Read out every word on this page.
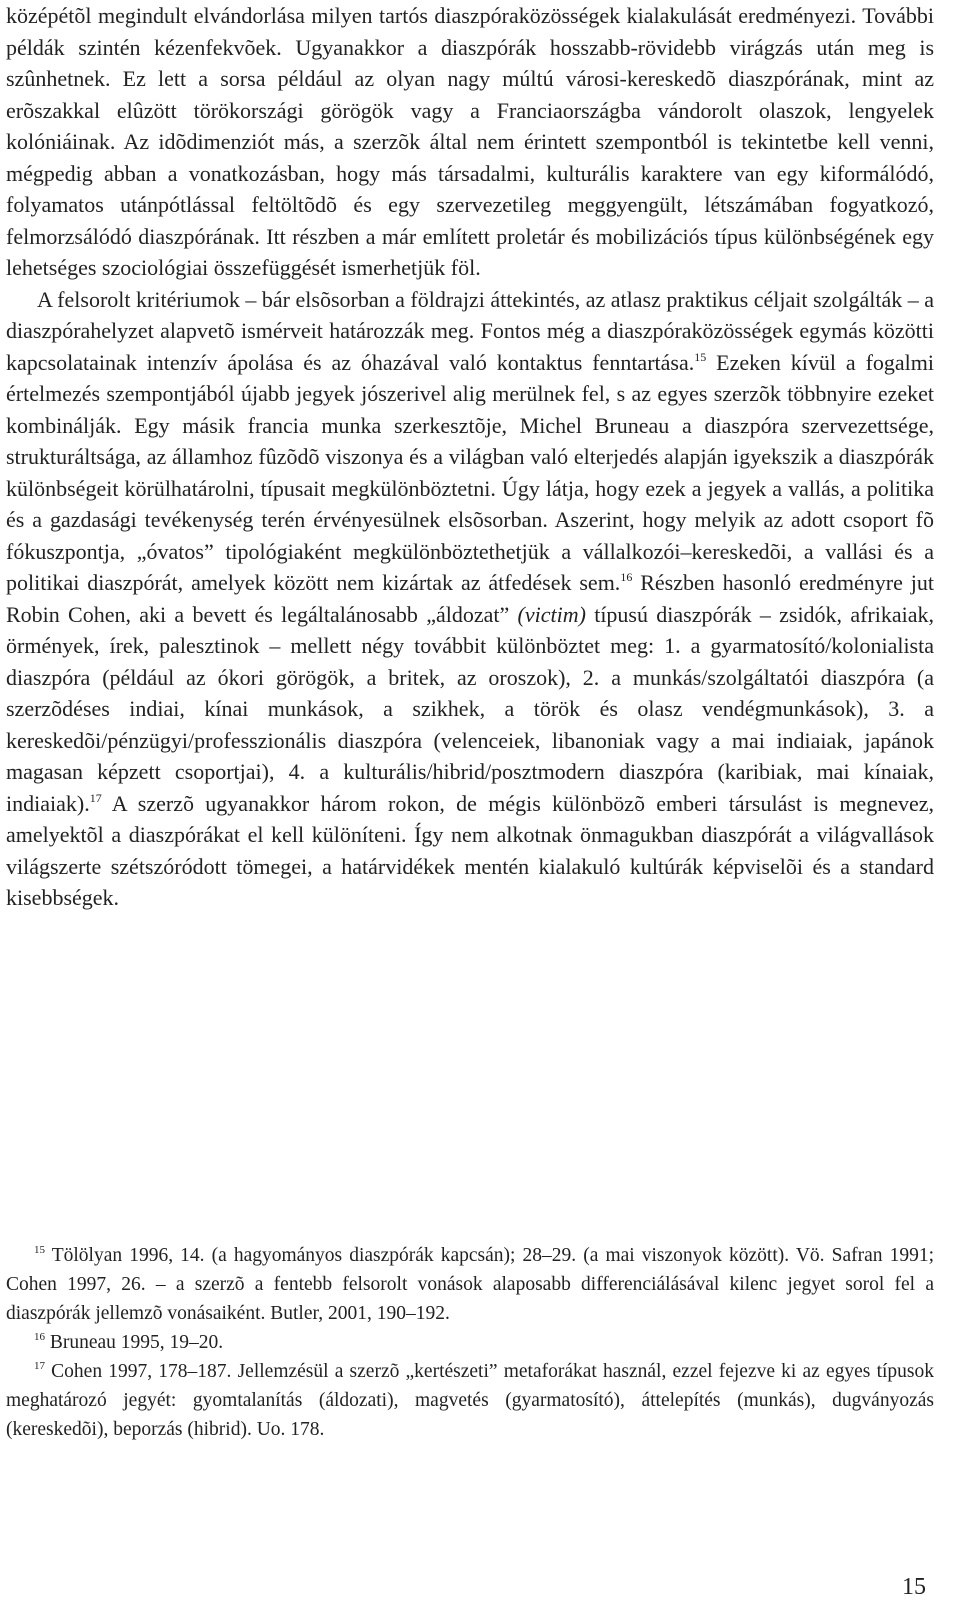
középétõl megindult elvándorlása milyen tartós diaszpóraközösségek kialakulását eredményezi. További példák szintén kézenfekvõek. Ugyanakkor a diaszpórák hosszabb-rövidebb virágzás után meg is szûnhetnek. Ez lett a sorsa például az olyan nagy múltú városi-kereskedõ diaszpórának, mint az erõszakkal elûzött törökországi görögök vagy a Franciaországba vándorolt olaszok, lengyelek kolóniáinak. Az idõdimenziót más, a szerzõk által nem érintett szempontból is tekintetbe kell venni, mégpedig abban a vonatkozásban, hogy más társadalmi, kulturális karaktere van egy kiformálódó, folyamatos utánpótlással feltöltõdõ és egy szervezetileg meggyengült, létszámában fogyatkozó, felmorzsálódó diaszpórának. Itt részben a már említett proletár és mobilizációs típus különbségének egy lehetséges szociológiai összefüggését ismerhetjük föl.

A felsorolt kritériumok – bár elsõsorban a földrajzi áttekintés, az atlasz praktikus céljait szolgálták – a diaszpórahelyzet alapvetõ ismérveit határozzák meg. Fontos még a diaszpóraközösségek egymás közötti kapcsolatainak intenzív ápolása és az óhazával való kontaktus fenntartása.$^{15}$ Ezeken kívül a fogalmi értelmezés szempontjából újabb jegyek jószerivel alig merülnek fel, s az egyes szerzõk többnyire ezeket kombinálják. Egy másik francia munka szerkesztõje, Michel Bruneau a diaszpóra szervezettsége, strukturáltsága, az államhoz fûzõdõ viszonya és a világban való elterjedés alapján igyekszik a diaszpórák különbségeit körülhatárolni, típusait megkülönböztetni. Úgy látja, hogy ezek a jegyek a vallás, a politika és a gazdasági tevékenység terén érvényesülnek elsõsorban. Aszerint, hogy melyik az adott csoport fõ fókuszpontja, „óvatos” tipológiaként megkülönböztethetjük a vállalkozói–kereskedõi, a vallási és a politikai diaszpórát, amelyek között nem kizártak az átfedések sem.$^{16}$ Részben hasonló eredményre jut Robin Cohen, aki a bevett és legáltalánosabb „áldozat” (victim) típusú diaszpórák – zsidók, afrikaiak, örmények, írek, palesztinok – mellett négy továbbit különböztet meg: 1. a gyarmatosító/kolonialista diaszpóra (például az ókori görögök, a britek, az oroszok), 2. a munkás/szolgáltatói diaszpóra (a szerzõdéses indiai, kínai munkások, a szikhek, a török és olasz vendégmunkások), 3. a kereskedõi/pénzügyi/professzionális diaszpóra (velenceiek, libanoniak vagy a mai indiaiak, japánok magasan képzett csoportjai), 4. a kulturális/hibrid/posztmodern diaszpóra (karibiak, mai kínaiak, indiaiak).$^{17}$ A szerzõ ugyanakkor három rokon, de mégis különbözõ emberi társulást is megnevez, amelyektõl a diaszpórákat el kell különíteni. Így nem alkotnak önmagukban diaszpórát a világvallások világszerte szétszóródott tömegei, a határvidékek mentén kialakuló kultúrák képviselõi és a standard kisebbségek.

$^{15}$ Tölölyan 1996, 14. (a hagyományos diaszpórák kapcsán); 28–29. (a mai viszonyok között). Vö. Safran 1991; Cohen 1997, 26. – a szerzõ a fentebb felsorolt vonások alaposabb differenciálásával kilenc jegyet sorol fel a diaszpórák jellemzõ vonásaiként. Butler, 2001, 190–192.

$^{16}$ Bruneau 1995, 19–20.

$^{17}$ Cohen 1997, 178–187. Jellemzésül a szerzõ „kertészeti” metaforákat használ, ezzel fejezve ki az egyes típusok meghatározó jegyét: gyomtalanítás (áldozati), magvetés (gyarmatosító), áttelepítés (munkás), dugványozás (kereskedõi), beporzás (hibrid). Uo. 178.

15
